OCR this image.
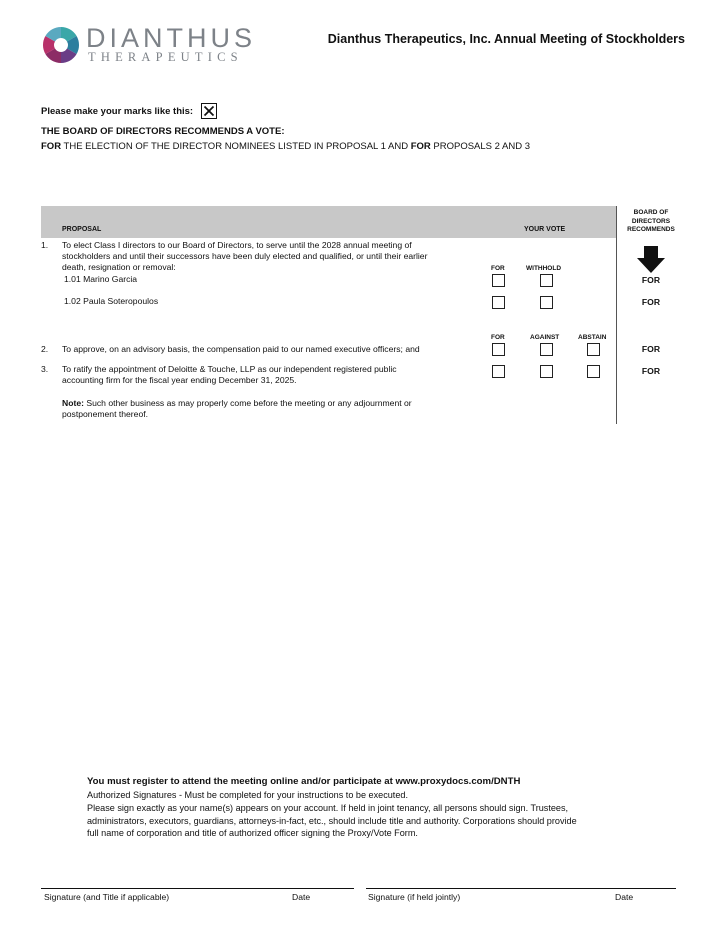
DIANTHUS
THERAPEUTICS
Dianthus Therapeutics, Inc. Annual Meeting of Stockholders
Please make your marks like this:
THE BOARD OF DIRECTORS RECOMMENDS A VOTE:
FOR THE ELECTION OF THE DIRECTOR NOMINEES LISTED IN PROPOSAL 1 AND FOR PROPOSALS 2 AND 3
PROPOSAL	YOUR VOTE
BOARD OF
DIRECTORS
RECOMMENDS
1. To elect Class I directors to our Board of Directors, to serve until the 2028 annual meeting of
stockholders and until their successors have been duly elected and qualified, or until their earlier
death, resignation or removal:	FOR	WITHHOLD
1.01 Marino Garcia	FOR
1.02 Paula Soteropoulos	FOR
FOR	AGAINST	ABSTAIN
2. To approve, on an advisory basis, the compensation paid to our named executive officers; and	FOR
3. To ratify the appointment of Deloitte & Touche, LLP as our independent registered public
accounting firm for the fiscal year ending December 31, 2025.
FOR
Note: Such other business as may properly come before the meeting or any adjournment or
postponement thereof.
You must register to attend the meeting online and/or participate at www.proxydocs.com/DNTH
Authorized Signatures - Must be completed for your instructions to be executed.
Please sign exactly as your name(s) appears on your account. If held in joint tenancy, all persons should sign. Trustees,
administrators, executors, guardians, attorneys-in-fact, etc., should include title and authority. Corporations should provide
full name of corporation and title of authorized officer signing the Proxy/Vote Form.
Signature (and Title if applicable)	Date	Signature (if held jointly)	Date
